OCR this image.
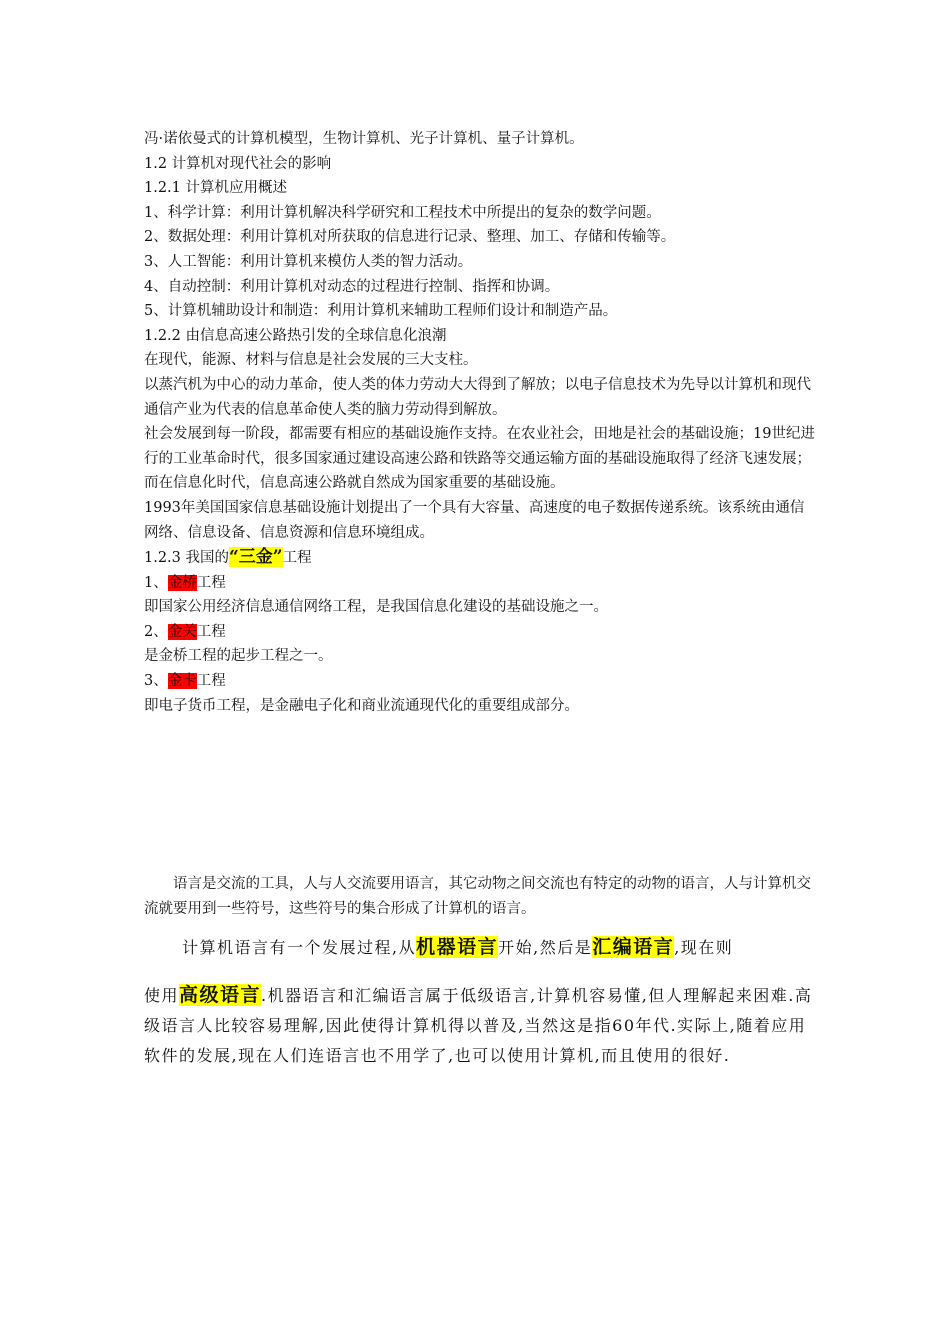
冯·诺依曼式的计算机模型，生物计算机、光子计算机、量子计算机。

1.2 计算机对现代社会的影响

1.2.1 计算机应用概述

1、科学计算：利用计算机解决科学研究和工程技术中所提出的复杂的数学问题。

2、数据处理：利用计算机对所获取的信息进行记录、整理、加工、存储和传输等。

3、人工智能：利用计算机来模仿人类的智力活动。

4、自动控制：利用计算机对动态的过程进行控制、指挥和协调。

5、计算机辅助设计和制造：利用计算机来辅助工程师们设计和制造产品。

1.2.2 由信息高速公路热引发的全球信息化浪潮

在现代，能源、材料与信息是社会发展的三大支柱。

以蒸汽机为中心的动力革命，使人类的体力劳动大大得到了解放；以电子信息技术为先导以计算机和现代通信产业为代表的信息革命使人类的脑力劳动得到解放。

社会发展到每一阶段，都需要有相应的基础设施作支持。在农业社会，田地是社会的基础设施；19世纪进行的工业革命时代，很多国家通过建设高速公路和铁路等交通运输方面的基础设施取得了经济飞速发展；而在信息化时代，信息高速公路就自然成为国家重要的基础设施。

1993年美国国家信息基础设施计划提出了一个具有大容量、高速度的电子数据传递系统。该系统由通信网络、信息设备、信息资源和信息环境组成。

1.2.3 我国的“三金”工程

1、金桥工程

即国家公用经济信息通信网络工程，是我国信息化建设的基础设施之一。

2、金关工程

是金桥工程的起步工程之一。

3、金卡工程

即电子货币工程，是金融电子化和商业流通现代化的重要组成部分。

语言是交流的工具，人与人交流要用语言，其它动物之间交流也有特定的动物的语言，人与计算机交流就要用到一些符号，这些符号的集合形成了计算机的语言。

计算机语言有一个发展过程,从机器语言开始,然后是汇编语言,现在则

使用高级语言.机器语言和汇编语言属于低级语言,计算机容易懂,但人理解起来困难.高级语言人比较容易理解,因此使得计算机得以普及,当然这是指60年代.实际上,随着应用软件的发展,现在人们连语言也不用学了,也可以使用计算机,而且使用的很好.
